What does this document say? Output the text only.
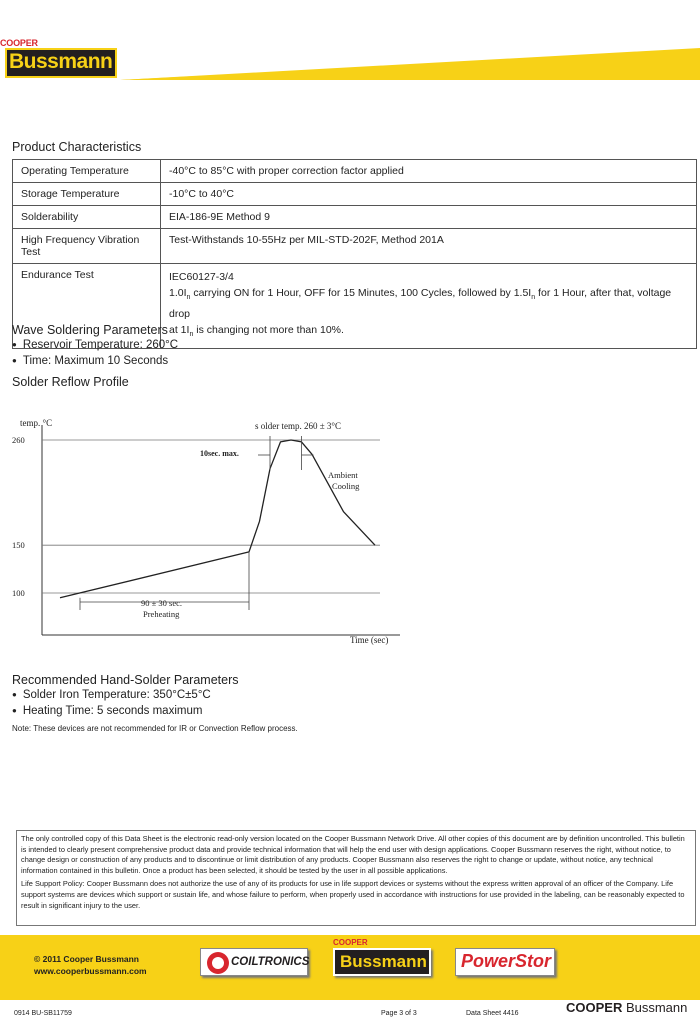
COOPER
Bussmann
Product Characteristics
Operating Temperature	-40°C to 85°C with proper correction factor applied
Storage Temperature	-10°C to 40°C
Solderability	EIA-186-9E Method 9
High Frequency Vibration Test	Test-Withstands 10-55Hz per MIL-STD-202F, Method 201A
Endurance Test	IEC60127-3/4
$1.0I_n$ carrying ON for 1 Hour, OFF for 15 Minutes, 100 Cycles, followed by $1.5I_n$ for 1 Hour, after that, voltage drop
at $1I_n$ is changing not more than 10%.
Wave Soldering Parameters
● Reservoir Temperature: 260°C
● Time: Maximum 10 Seconds
Solder Reflow Profile
temp. °C
Time (sec)
s older temp. 260 ± 3°C
10sec. max.
Ambient
Cooling
90 ± 30 sec.
Preheating
100
150
260
Recommended Hand-Solder Parameters
● Solder Iron Temperature: 350°C±5°C
● Heating Time: 5 seconds maximum
Note: These devices are not recommended for IR or Convection Reflow process.

The only controlled copy of this Data Sheet is the electronic read-only version located on the Cooper Bussmann Network Drive. All other copies of this document are by definition uncontrolled. This bulletin is intended to clearly present comprehensive product data and provide technical information that will help the end user with design applications. Cooper Bussmann reserves the right, without notice, to change design or construction of any products and to discontinue or limit distribution of any products. Cooper Bussmann also reserves the right to change or update, without notice, any technical information contained in this bulletin. Once a product has been selected, it should be tested by the user in all possible applications.

Life Support Policy: Cooper Bussmann does not authorize the use of any of its products for use in life support devices or systems without the express written approval of an officer of the Company. Life support systems are devices which support or sustain life, and whose failure to perform, when properly used in accordance with instructions for use provided in the labeling, can be reasonably expected to result in significant injury to the user.

© 2011 Cooper Bussmann
www.cooperbussmann.com
COILTRONICS
COOPER
Bussmann PowerStor
0914 BU-SB11759	Page 3 of 3	Data Sheet 4416	COOPER Bussmann
